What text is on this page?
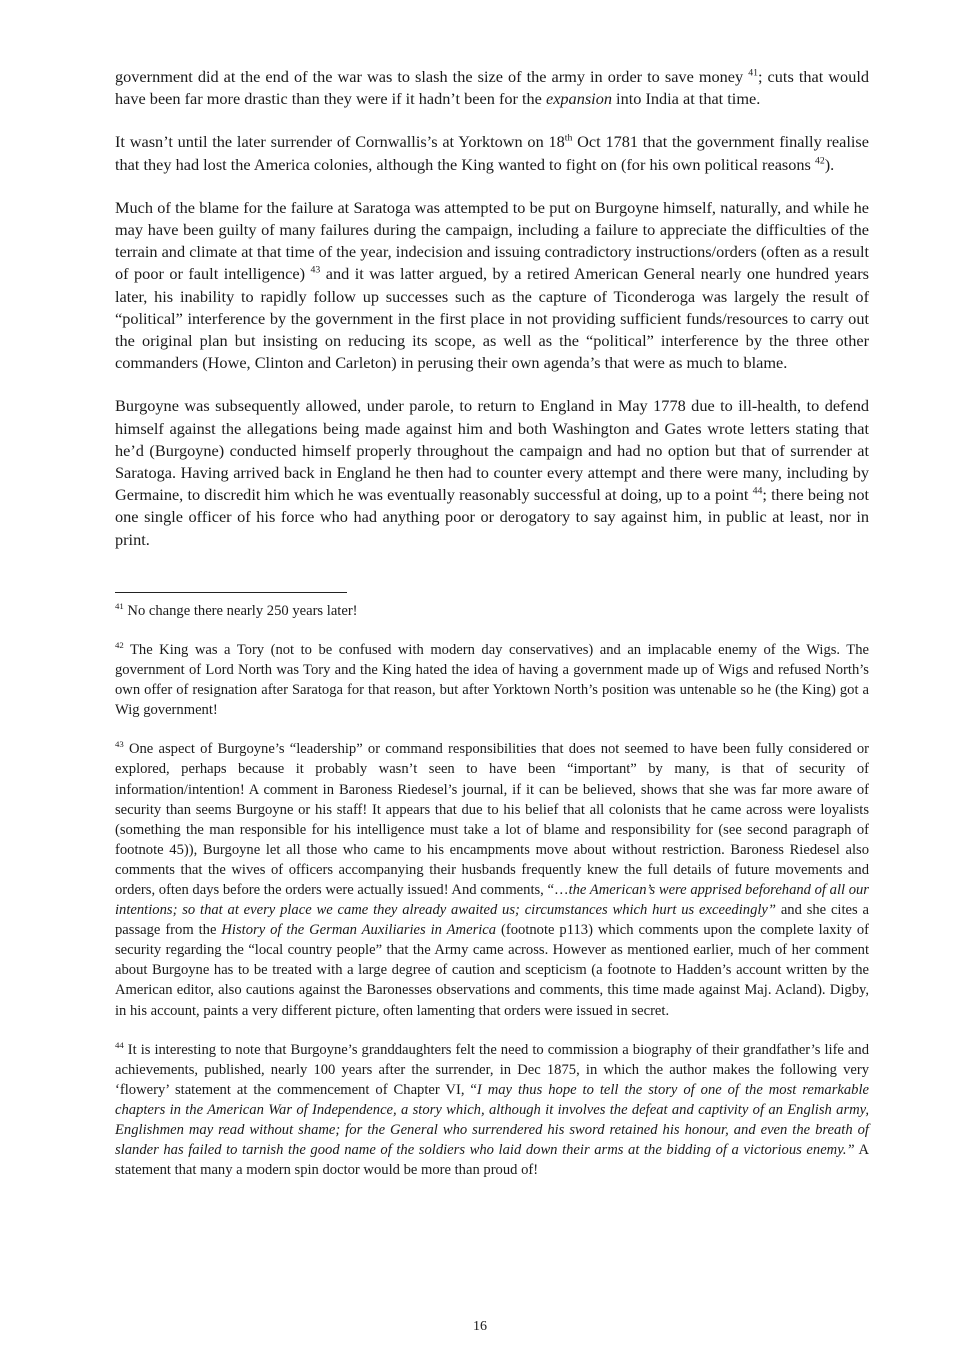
government did at the end of the war was to slash the size of the army in order to save money $^{41}$; cuts that would have been far more drastic than they were if it hadn’t been for the expansion into India at that time.

It wasn’t until the later surrender of Cornwallis’s at Yorktown on 18th Oct 1781 that the government finally realise that they had lost the America colonies, although the King wanted to fight on (for his own political reasons $^{42}$).

Much of the blame for the failure at Saratoga was attempted to be put on Burgoyne himself, naturally, and while he may have been guilty of many failures during the campaign, including a failure to appreciate the difficulties of the terrain and climate at that time of the year, indecision and issuing contradictory instructions/orders (often as a result of poor or fault intelligence) $^{43}$ and it was latter argued, by a retired American General nearly one hundred years later, his inability to rapidly follow up successes such as the capture of Ticonderoga was largely the result of “political” interference by the government in the first place in not providing sufficient funds/resources to carry out the original plan but insisting on reducing its scope, as well as the “political” interference by the three other commanders (Howe, Clinton and Carleton) in perusing their own agenda’s that were as much to blame.

Burgoyne was subsequently allowed, under parole, to return to England in May 1778 due to ill-health, to defend himself against the allegations being made against him and both Washington and Gates wrote letters stating that he’d (Burgoyne) conducted himself properly throughout the campaign and had no option but that of surrender at Saratoga. Having arrived back in England he then had to counter every attempt and there were many, including by Germaine, to discredit him which he was eventually reasonably successful at doing, up to a point $^{44}$; there being not one single officer of his force who had anything poor or derogatory to say against him, in public at least, nor in print.

$^{41}$ No change there nearly 250 years later!

$^{42}$ The King was a Tory (not to be confused with modern day conservatives) and an implacable enemy of the Wigs. The government of Lord North was Tory and the King hated the idea of having a government made up of Wigs and refused North’s own offer of resignation after Saratoga for that reason, but after Yorktown North’s position was untenable so he (the King) got a Wig government!

$^{43}$ One aspect of Burgoyne’s “leadership” or command responsibilities that does not seemed to have been fully considered or explored, perhaps because it probably wasn’t seen to have been “important” by many, is that of security of information/intention! A comment in Baroness Riedesel’s journal, if it can be believed, shows that she was far more aware of security than seems Burgoyne or his staff! It appears that due to his belief that all colonists that he came across were loyalists (something the man responsible for his intelligence must take a lot of blame and responsibility for (see second paragraph of footnote 45)), Burgoyne let all those who came to his encampments move about without restriction. Baroness Riedesel also comments that the wives of officers accompanying their husbands frequently knew the full details of future movements and orders, often days before the orders were actually issued! And comments, “…the American’s were apprised beforehand of all our intentions; so that at every place we came they already awaited us; circumstances which hurt us exceedingly” and she cites a passage from the History of the German Auxiliaries in America (footnote p113) which comments upon the complete laxity of security regarding the “local country people” that the Army came across. However as mentioned earlier, much of her comment about Burgoyne has to be treated with a large degree of caution and scepticism (a footnote to Hadden’s account written by the American editor, also cautions against the Baronesses observations and comments, this time made against Maj. Acland). Digby, in his account, paints a very different picture, often lamenting that orders were issued in secret.

$^{44}$ It is interesting to note that Burgoyne’s granddaughters felt the need to commission a biography of their grandfather’s life and achievements, published, nearly 100 years after the surrender, in Dec 1875, in which the author makes the following very ‘flowery’ statement at the commencement of Chapter VI, “I may thus hope to tell the story of one of the most remarkable chapters in the American War of Independence, a story which, although it involves the defeat and captivity of an English army, Englishmen may read without shame; for the General who surrendered his sword retained his honour, and even the breath of slander has failed to tarnish the good name of the soldiers who laid down their arms at the bidding of a victorious enemy.” A statement that many a modern spin doctor would be more than proud of!

16
